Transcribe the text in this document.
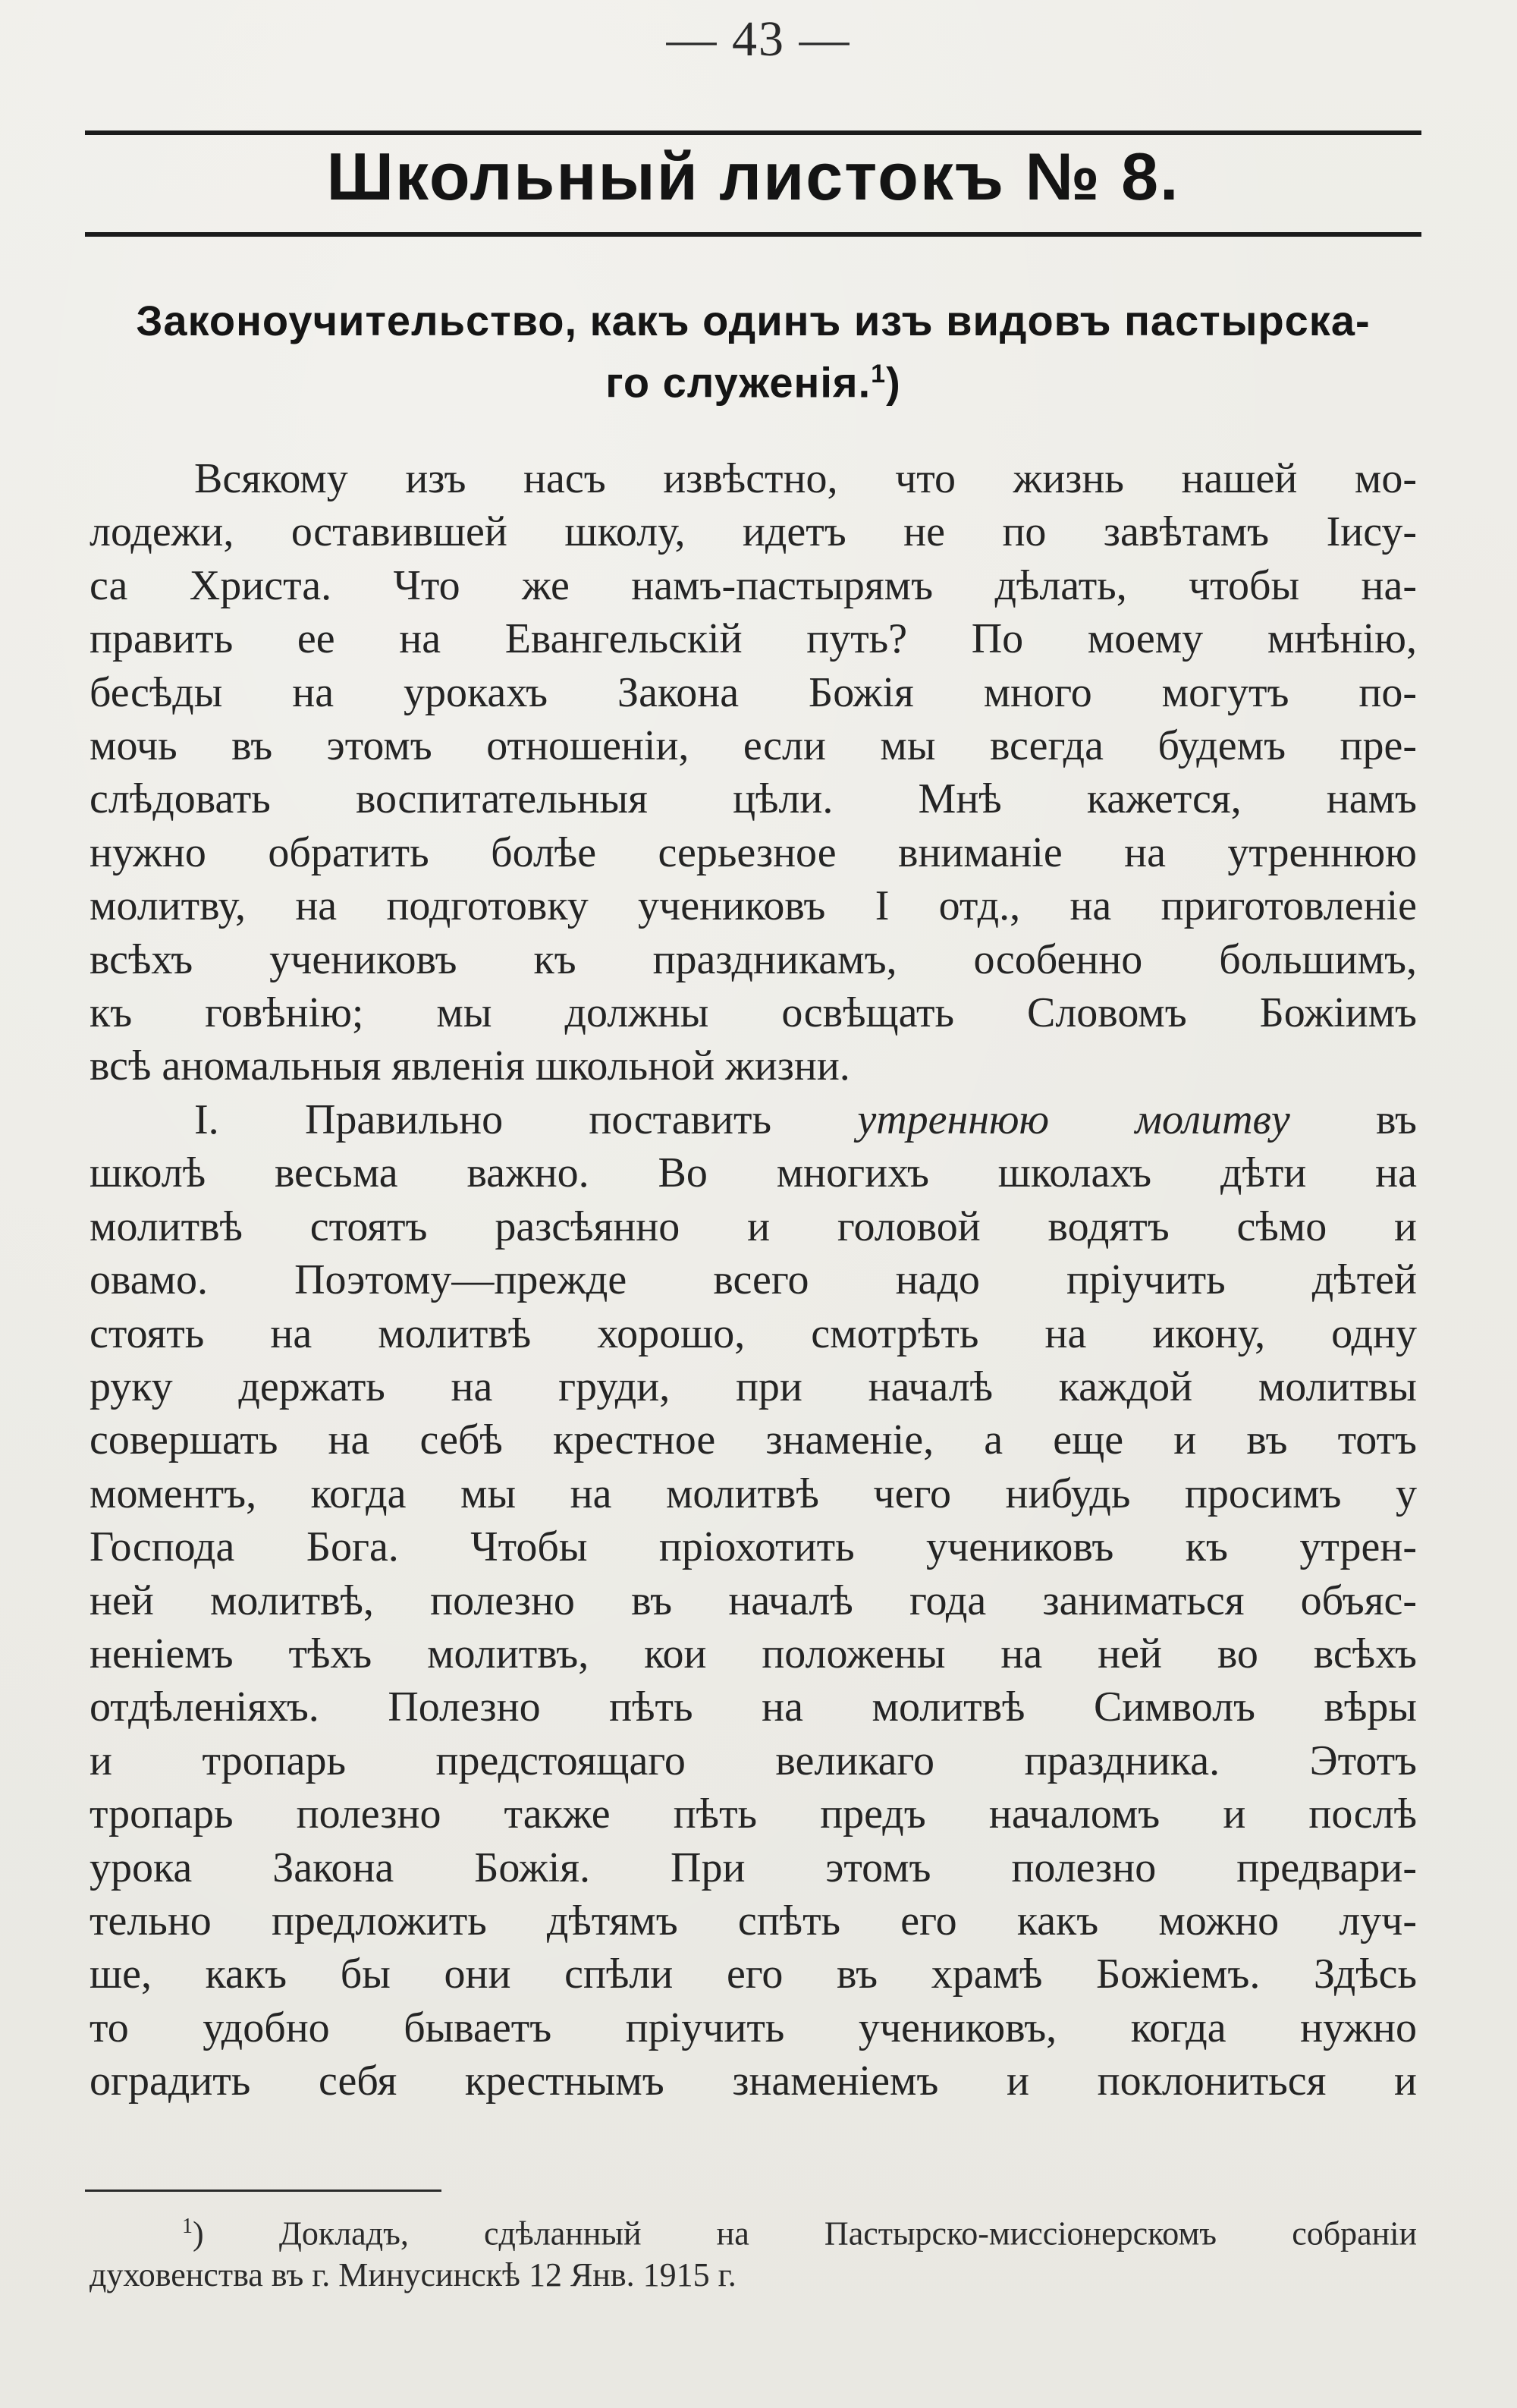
— 43 —
Школьный листокъ № 8.
Законоучительство, какъ одинъ изъ видовъ пастырска-
го служенія.$^1$)
Всякому изъ насъ извѣстно, что жизнь нашей мо-
лодежи, оставившей школу, идетъ не по завѣтамъ Іису-
са Христа. Что же намъ-пастырямъ дѣлать, чтобы на-
править ее на Евангельскій путь? По моему мнѣнію,
бесѣды на урокахъ Закона Божія много могутъ по-
мочь въ этомъ отношеніи, если мы всегда будемъ пре-
слѣдовать воспитательныя цѣли. Мнѣ кажется, намъ
нужно обратить болѣе серьезное вниманіе на утреннюю
молитву, на подготовку учениковъ I отд., на приготовленіе
всѣхъ учениковъ къ праздникамъ, особенно большимъ,
къ говѣнію; мы должны освѣщать Словомъ Божіимъ
всѣ аномальныя явленія школьной жизни.
I. Правильно поставить утреннюю молитву въ
школѣ весьма важно. Во многихъ школахъ дѣти на
молитвѣ стоятъ разсѣянно и головой водятъ сѣмо и
овамо. Поэтому—прежде всего надо пріучить дѣтей
стоять на молитвѣ хорошо, смотрѣть на икону, одну
руку держать на груди, при началѣ каждой молитвы
совершать на себѣ крестное знаменіе, а еще и въ тотъ
моментъ, когда мы на молитвѣ чего нибудь просимъ у
Господа Бога. Чтобы пріохотить учениковъ къ утрен-
ней молитвѣ, полезно въ началѣ года заниматься объяс-
неніемъ тѣхъ молитвъ, кои положены на ней во всѣхъ
отдѣленіяхъ. Полезно пѣть на молитвѣ Символъ вѣры
и тропарь предстоящаго великаго праздника. Этотъ
тропарь полезно также пѣть предъ началомъ и послѣ
урока Закона Божія. При этомъ полезно предвари-
тельно предложить дѣтямъ спѣть его какъ можно луч-
ше, какъ бы они спѣли его въ храмѣ Божіемъ. Здѣсь
то удобно бываетъ пріучить учениковъ, когда нужно
оградить себя крестнымъ знаменіемъ и поклониться и
$^1$) Докладъ, сдѣланный на Пастырско-миссіонерскомъ собраніи
духовенства въ г. Минусинскѣ 12 Янв. 1915 г.
